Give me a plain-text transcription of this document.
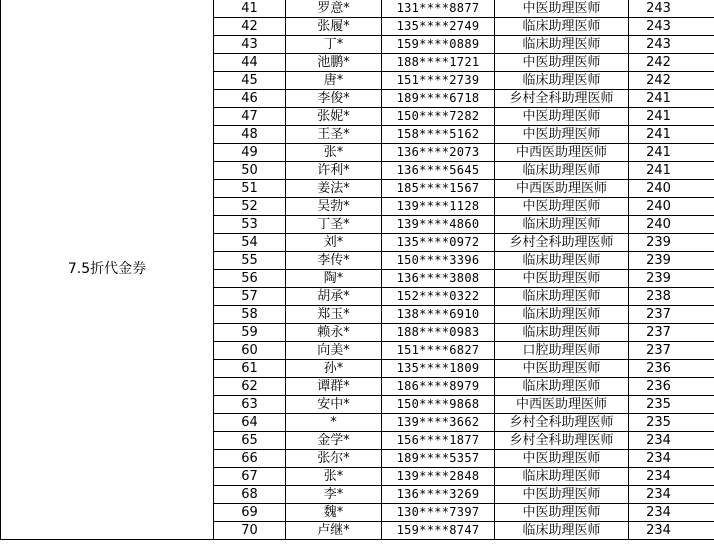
7.5折代金券	41	罗意*	131****8877	中医助理医师	243
	42	张履*	135****2749	临床助理医师	243
	43	丁*	159****0889	临床助理医师	243
	44	池鹏*	188****1721	中医助理医师	242
	45	唐*	151****2739	临床助理医师	242
	46	李俊*	189****6718	乡村全科助理医师	241
	47	张妮*	150****7282	中医助理医师	241
	48	王圣*	158****5162	中医助理医师	241
	49	张*	136****2073	中西医助理医师	241
	50	许利*	136****5645	临床助理医师	241
	51	姜法*	185****1567	中西医助理医师	240
	52	吴勃*	139****1128	中医助理医师	240
	53	丁圣*	139****4860	临床助理医师	240
	54	刘*	135****0972	乡村全科助理医师	239
	55	李传*	150****3396	临床助理医师	239
	56	陶*	136****3808	中医助理医师	239
	57	胡承*	152****0322	临床助理医师	238
	58	郑玉*	138****6910	临床助理医师	237
	59	赖永*	188****0983	临床助理医师	237
	60	向美*	151****6827	口腔助理医师	237
	61	孙*	135****1809	中医助理医师	236
	62	谭群*	186****8979	临床助理医师	236
	63	安中*	150****9868	中西医助理医师	235
	64	*	139****3662	乡村全科助理医师	235
	65	金学*	156****1877	乡村全科助理医师	234
	66	张尔*	189****5357	中医助理医师	234
	67	张*	139****2848	临床助理医师	234
	68	李*	136****3269	中医助理医师	234
	69	魏*	130****7397	中医助理医师	234
	70	卢继*	159****8747	临床助理医师	234
